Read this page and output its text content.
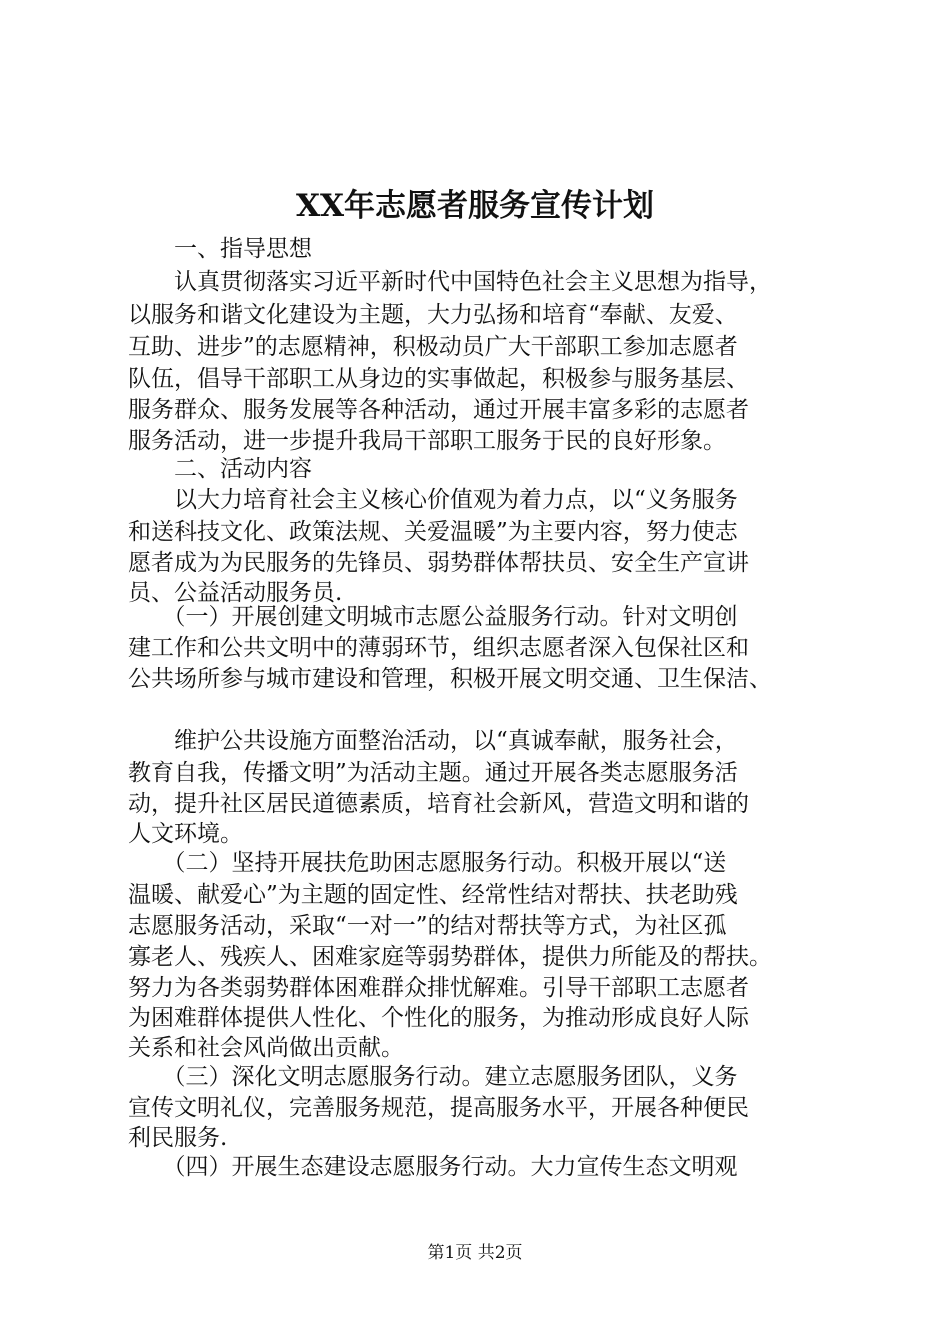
XX年志愿者服务宣传计划

　　一、指导思想

　　认真贯彻落实习近平新时代中国特色社会主义思想为指导，

以服务和谐文化建设为主题，大力弘扬和培育“奉献、友爱、

互助、进步”的志愿精神，积极动员广大干部职工参加志愿者

队伍，倡导干部职工从身边的实事做起，积极参与服务基层、

服务群众、服务发展等各种活动，通过开展丰富多彩的志愿者

服务活动，进一步提升我局干部职工服务于民的良好形象。

　　二、活动内容

　　以大力培育社会主义核心价值观为着力点，以“义务服务

和送科技文化、政策法规、关爱温暖”为主要内容，努力使志

愿者成为为民服务的先锋员、弱势群体帮扶员、安全生产宣讲

员、公益活动服务员.

　　（一）开展创建文明城市志愿公益服务行动。针对文明创

建工作和公共文明中的薄弱环节，组织志愿者深入包保社区和

公共场所参与城市建设和管理，积极开展文明交通、卫生保洁、

　　维护公共设施方面整治活动，以“真诚奉献，服务社会，

教育自我，传播文明”为活动主题。通过开展各类志愿服务活

动，提升社区居民道德素质，培育社会新风，营造文明和谐的

人文环境。

　　（二）坚持开展扶危助困志愿服务行动。积极开展以“送

温暖、献爱心”为主题的固定性、经常性结对帮扶、扶老助残

志愿服务活动，采取“一对一”的结对帮扶等方式，为社区孤

寡老人、残疾人、困难家庭等弱势群体，提供力所能及的帮扶。

努力为各类弱势群体困难群众排忧解难。引导干部职工志愿者

为困难群体提供人性化、个性化的服务，为推动形成良好人际

关系和社会风尚做出贡献。

　　（三）深化文明志愿服务行动。建立志愿服务团队，义务

宣传文明礼仪，完善服务规范，提高服务水平，开展各种便民

利民服务.

　　（四）开展生态建设志愿服务行动。大力宣传生态文明观

第1页 共2页
